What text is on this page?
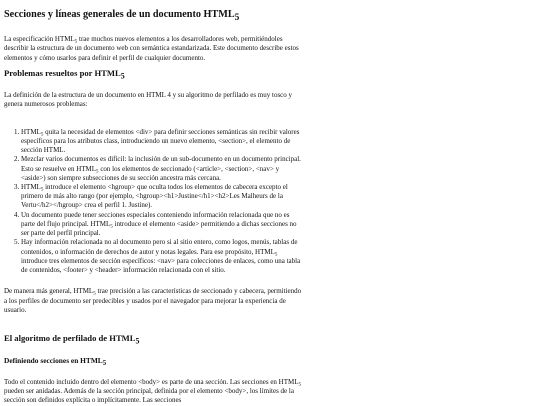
Secciones y líneas generales de un documento $HTML_5$

La especificación $HTML_5$ trae muchos nuevos elementos a los desarrolladores web, permitiéndoles describir la estructura de un documento web con semántica estandarizada. Este documento describe estos elementos y cómo usarlos para definir el perfil de cualquier documento.

Problemas resueltos por $HTML_5$

La definición de la estructura de un documento en HTML 4 y su algoritmo de perfilado es muy tosco y genera numerosos problemas:

1. $HTML_5$ quita la necesidad de elementos <div> para definir secciones semánticas sin recibir valores específicos para los atributos class, introduciendo un nuevo elemento, <section>, el elemento de sección HTML.
2. Mezclar varios documentos es difícil: la inclusión de un sub-documento en un documento principal. Esto se resuelve en $HTML_5$ con los elementos de seccionado (<article>, <section>, <nav> y <aside>) son siempre subsecciones de su sección ancestra más cercana.
3. $HTML_5$ introduce el elemento <hgroup> que oculta todos los elementos de cabecera excepto el primero de más alto rango (por ejemplo, <hgroup><h1>Justine</h1><h2>Les Malheurs de la Vertu</h2></hgroup> crea el perfil 1. Justine).
4. Un documento puede tener secciones especiales conteniendo información relacionada que no es parte del flujo principal. $HTML_5$ introduce el elemento <aside> permitiendo a dichas secciones no ser parte del perfil principal.
5. Hay información relacionada no al documento pero si al sitio entero, como logos, menús, tablas de contenidos, o información de derechos de autor y notas legales. Para ese propósito, $HTML_5$ introduce tres elementos de sección específicos: <nav> para colecciones de enlaces, como una tabla de contenidos, <footer> y <header> información relacionada con el sitio.

De manera más general, $HTML_5$ trae precisión a las características de seccionado y cabecera, permitiendo a los perfiles de documento ser predecibles y usados por el navegador para mejorar la experiencia de usuario.

El algoritmo de perfilado de $HTML_5$
Definiendo secciones en $HTML_5$

Todo el contenido incluido dentro del elemento <body> es parte de una sección. Las secciones en $HTML_5$ pueden ser anidadas. Además de la sección principal, definida por el elemento <body>, los límites de la sección son definidos explícita o implícitamente. Las secciones
